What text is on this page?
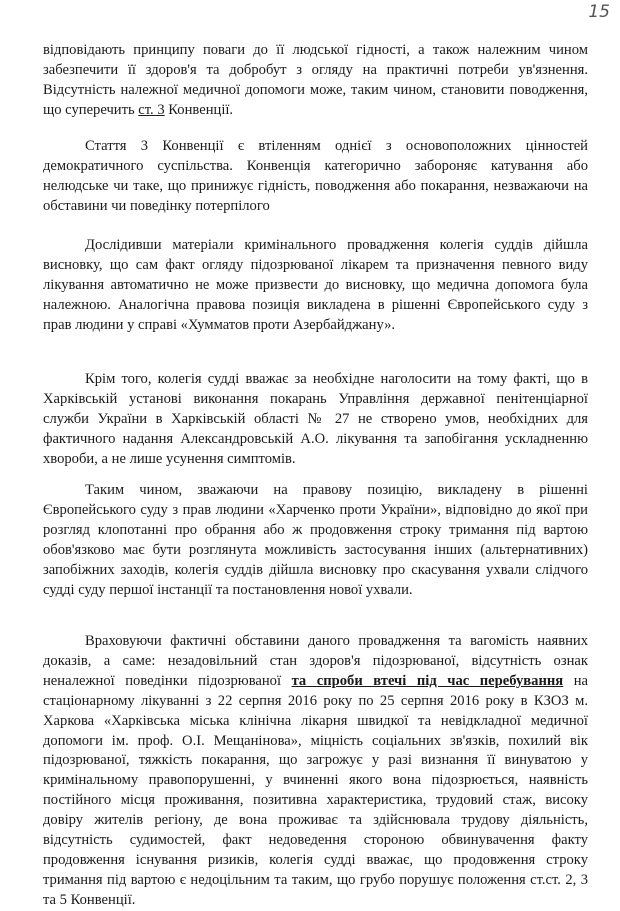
15

відповідають принципу поваги до її людської гідності, а також належним чином забезпечити її здоров'я та добробут з огляду на практичні потреби ув'язнення. Відсутність належної медичної допомоги може, таким чином, становити поводження, що суперечить ст. 3 Конвенції.

Стаття 3 Конвенції є втіленням однієї з основоположних цінностей демократичного суспільства. Конвенція категорично забороняє катування або нелюдське чи таке, що принижує гідність, поводження або покарання, незважаючи на обставини чи поведінку потерпілого

Дослідивши матеріали кримінального провадження колегія суддів дійшла висновку, що сам факт огляду підозрюваної лікарем та призначення певного виду лікування автоматично не може призвести до висновку, що медична допомога була належною. Аналогічна правова позиція викладена в рішенні Європейського суду з прав людини у справі «Хумматов проти Азербайджану».

Крім того, колегія судді вважає за необхідне наголосити на тому факті, що в Харківській установі виконання покарань Управління державної пенітенціарної служби України в Харківській області № 27 не створено умов, необхідних для фактичного надання Александровській А.О. лікування та запобігання ускладненню хвороби, а не лише усунення симптомів.

Таким чином, зважаючи на правову позицію, викладену в рішенні Європейського суду з прав людини «Харченко проти України», відповідно до якої при розгляд клопотанні про обрання або ж продовження строку тримання під вартою обов'язково має бути розглянута можливість застосування інших (альтернативних) запобіжних заходів, колегія суддів дійшла висновку про скасування ухвали слідчого судді суду першої інстанції та постановлення нової ухвали.

Враховуючи фактичні обставини даного провадження та вагомість наявних доказів, а саме: незадовільний стан здоров'я підозрюваної, відсутність ознак неналежної поведінки підозрюваної та спроби втечі під час перебування на стаціонарному лікуванні з 22 серпня 2016 року по 25 серпня 2016 року в КЗОЗ м. Харкова «Харківська міська клінічна лікарня швидкої та невідкладної медичної допомоги ім. проф. О.І. Мещанінова», міцність соціальних зв'язків, похилий вік підозрюваної, тяжкість покарання, що загрожує у разі визнання її винуватою у кримінальному правопорушенні, у вчиненні якого вона підозрюється, наявність постійного місця проживання, позитивна характеристика, трудовий стаж, високу довіру жителів регіону, де вона проживає та здійснювала трудову діяльність, відсутність судимостей, факт недоведення стороною обвинувачення факту продовження існування ризиків, колегія судді вважає, що продовження строку тримання під вартою є недоцільним та таким, що грубо порушує положення ст.ст. 2, 3 та 5 Конвенції.
